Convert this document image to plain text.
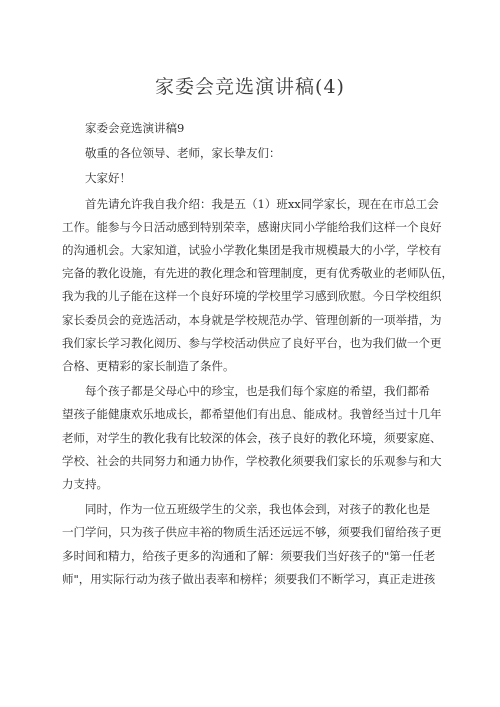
家委会竞选演讲稿(4)

家委会竞选演讲稿9

敬重的各位领导、老师，家长挚友们：

大家好！

首先请允许我自我介绍：我是五（1）班xx同学家长，现在在市总工会
工作。能参与今日活动感到特别荣幸，感谢庆同小学能给我们这样一个良好
的沟通机会。大家知道，试验小学教化集团是我市规模最大的小学，学校有
完备的教化设施，有先进的教化理念和管理制度，更有优秀敬业的老师队伍，
我为我的儿子能在这样一个良好环境的学校里学习感到欣慰。今日学校组织
家长委员会的竞选活动，本身就是学校规范办学、管理创新的一项举措，为
我们家长学习教化阅历、参与学校活动供应了良好平台，也为我们做一个更
合格、更精彩的家长制造了条件。
每个孩子都是父母心中的珍宝，也是我们每个家庭的希望，我们都希
望孩子能健康欢乐地成长，都希望他们有出息、能成材。我曾经当过十几年
老师，对学生的教化我有比较深的体会，孩子良好的教化环境，须要家庭、
学校、社会的共同努力和通力协作，学校教化须要我们家长的乐观参与和大
力支持。
同时，作为一位五班级学生的父亲，我也体会到，对孩子的教化也是
一门学问，只为孩子供应丰裕的物质生活还远远不够，须要我们留给孩子更
多时间和精力，给孩子更多的沟通和了解：须要我们当好孩子的"第一任老
师"，用实际行动为孩子做出表率和榜样；须要我们不断学习，真正走进孩
